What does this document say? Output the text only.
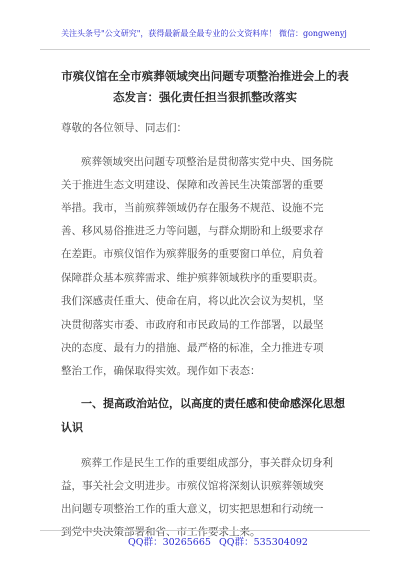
关注头条号"公文研究"，获得最新最全最专业的公文资料库！ 微信：gongwenyj
市殡仪馆在全市殡葬领域突出问题专项整治推进会上的表
态发言：强化责任担当狠抓整改落实
尊敬的各位领导、同志们：
殡葬领域突出问题专项整治是贯彻落实党中央、国务院
关于推进生态文明建设、保障和改善民生决策部署的重要
举措。我市，当前殡葬领域仍存在服务不规范、设施不完
善、移风易俗推进乏力等问题，与群众期盼和上级要求存
在差距。市殡仪馆作为殡葬服务的重要窗口单位，肩负着
保障群众基本殡葬需求、维护殡葬领域秩序的重要职责。
我们深感责任重大、使命在肩，将以此次会议为契机，坚
决贯彻落实市委、市政府和市民政局的工作部署，以最坚
决的态度、最有力的措施、最严格的标准，全力推进专项
整治工作，确保取得实效。现作如下表态：
一、提高政治站位，以高度的责任感和使命感深化思想
认识
殡葬工作是民生工作的重要组成部分，事关群众切身利
益，事关社会文明进步。市殡仪馆将深刻认识殡葬领域突
出问题专项整治工作的重大意义，切实把思想和行动统一
到党中央决策部署和省、市工作要求上来。
QQ群：30265665 QQ群：535304092
